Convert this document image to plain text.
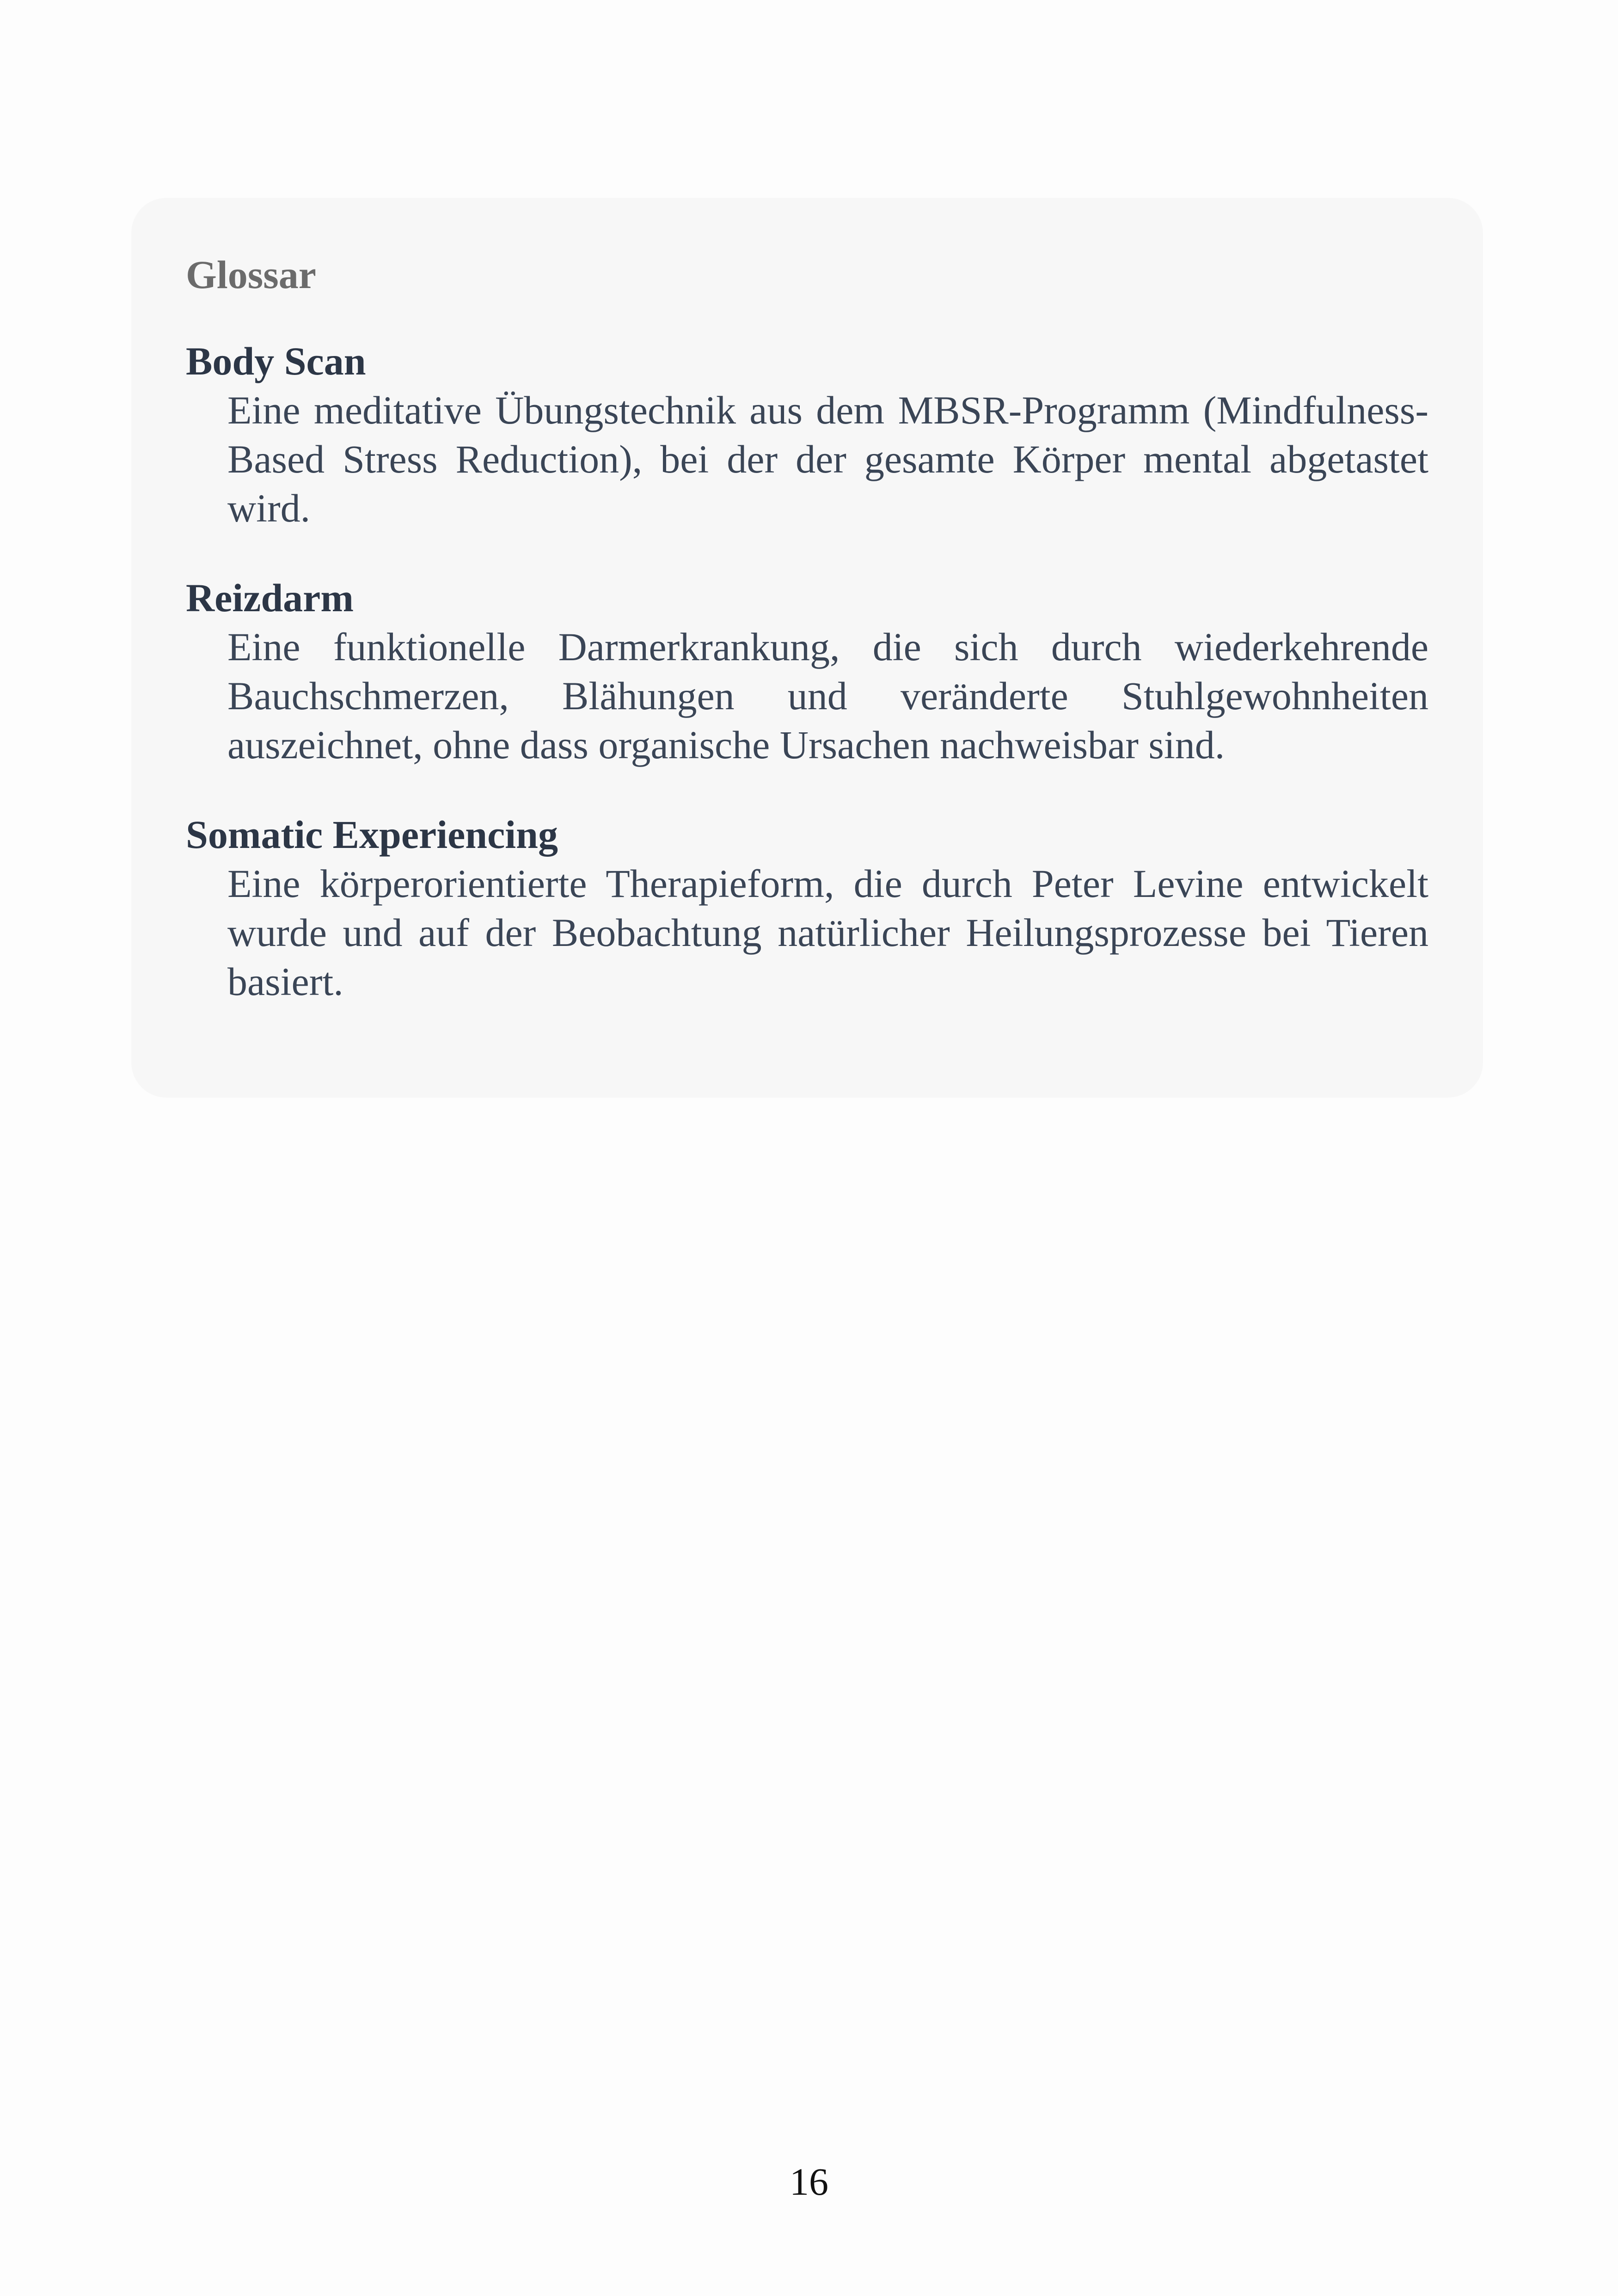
Glossar
Body Scan
Eine meditative Übungstechnik aus dem MBSR-Programm (Mindfulness-Based Stress Reduction), bei der der gesamte Körper mental abgetastet wird.
Reizdarm
Eine funktionelle Darmerkrankung, die sich durch wiederkehrende Bauchschmerzen, Blähungen und veränderte Stuhlgewohnheiten auszeichnet, ohne dass organische Ursachen nachweisbar sind.
Somatic Experiencing
Eine körperorientierte Therapieform, die durch Peter Levine entwickelt wurde und auf der Beobachtung natürlicher Heilungsprozesse bei Tieren basiert.
16
